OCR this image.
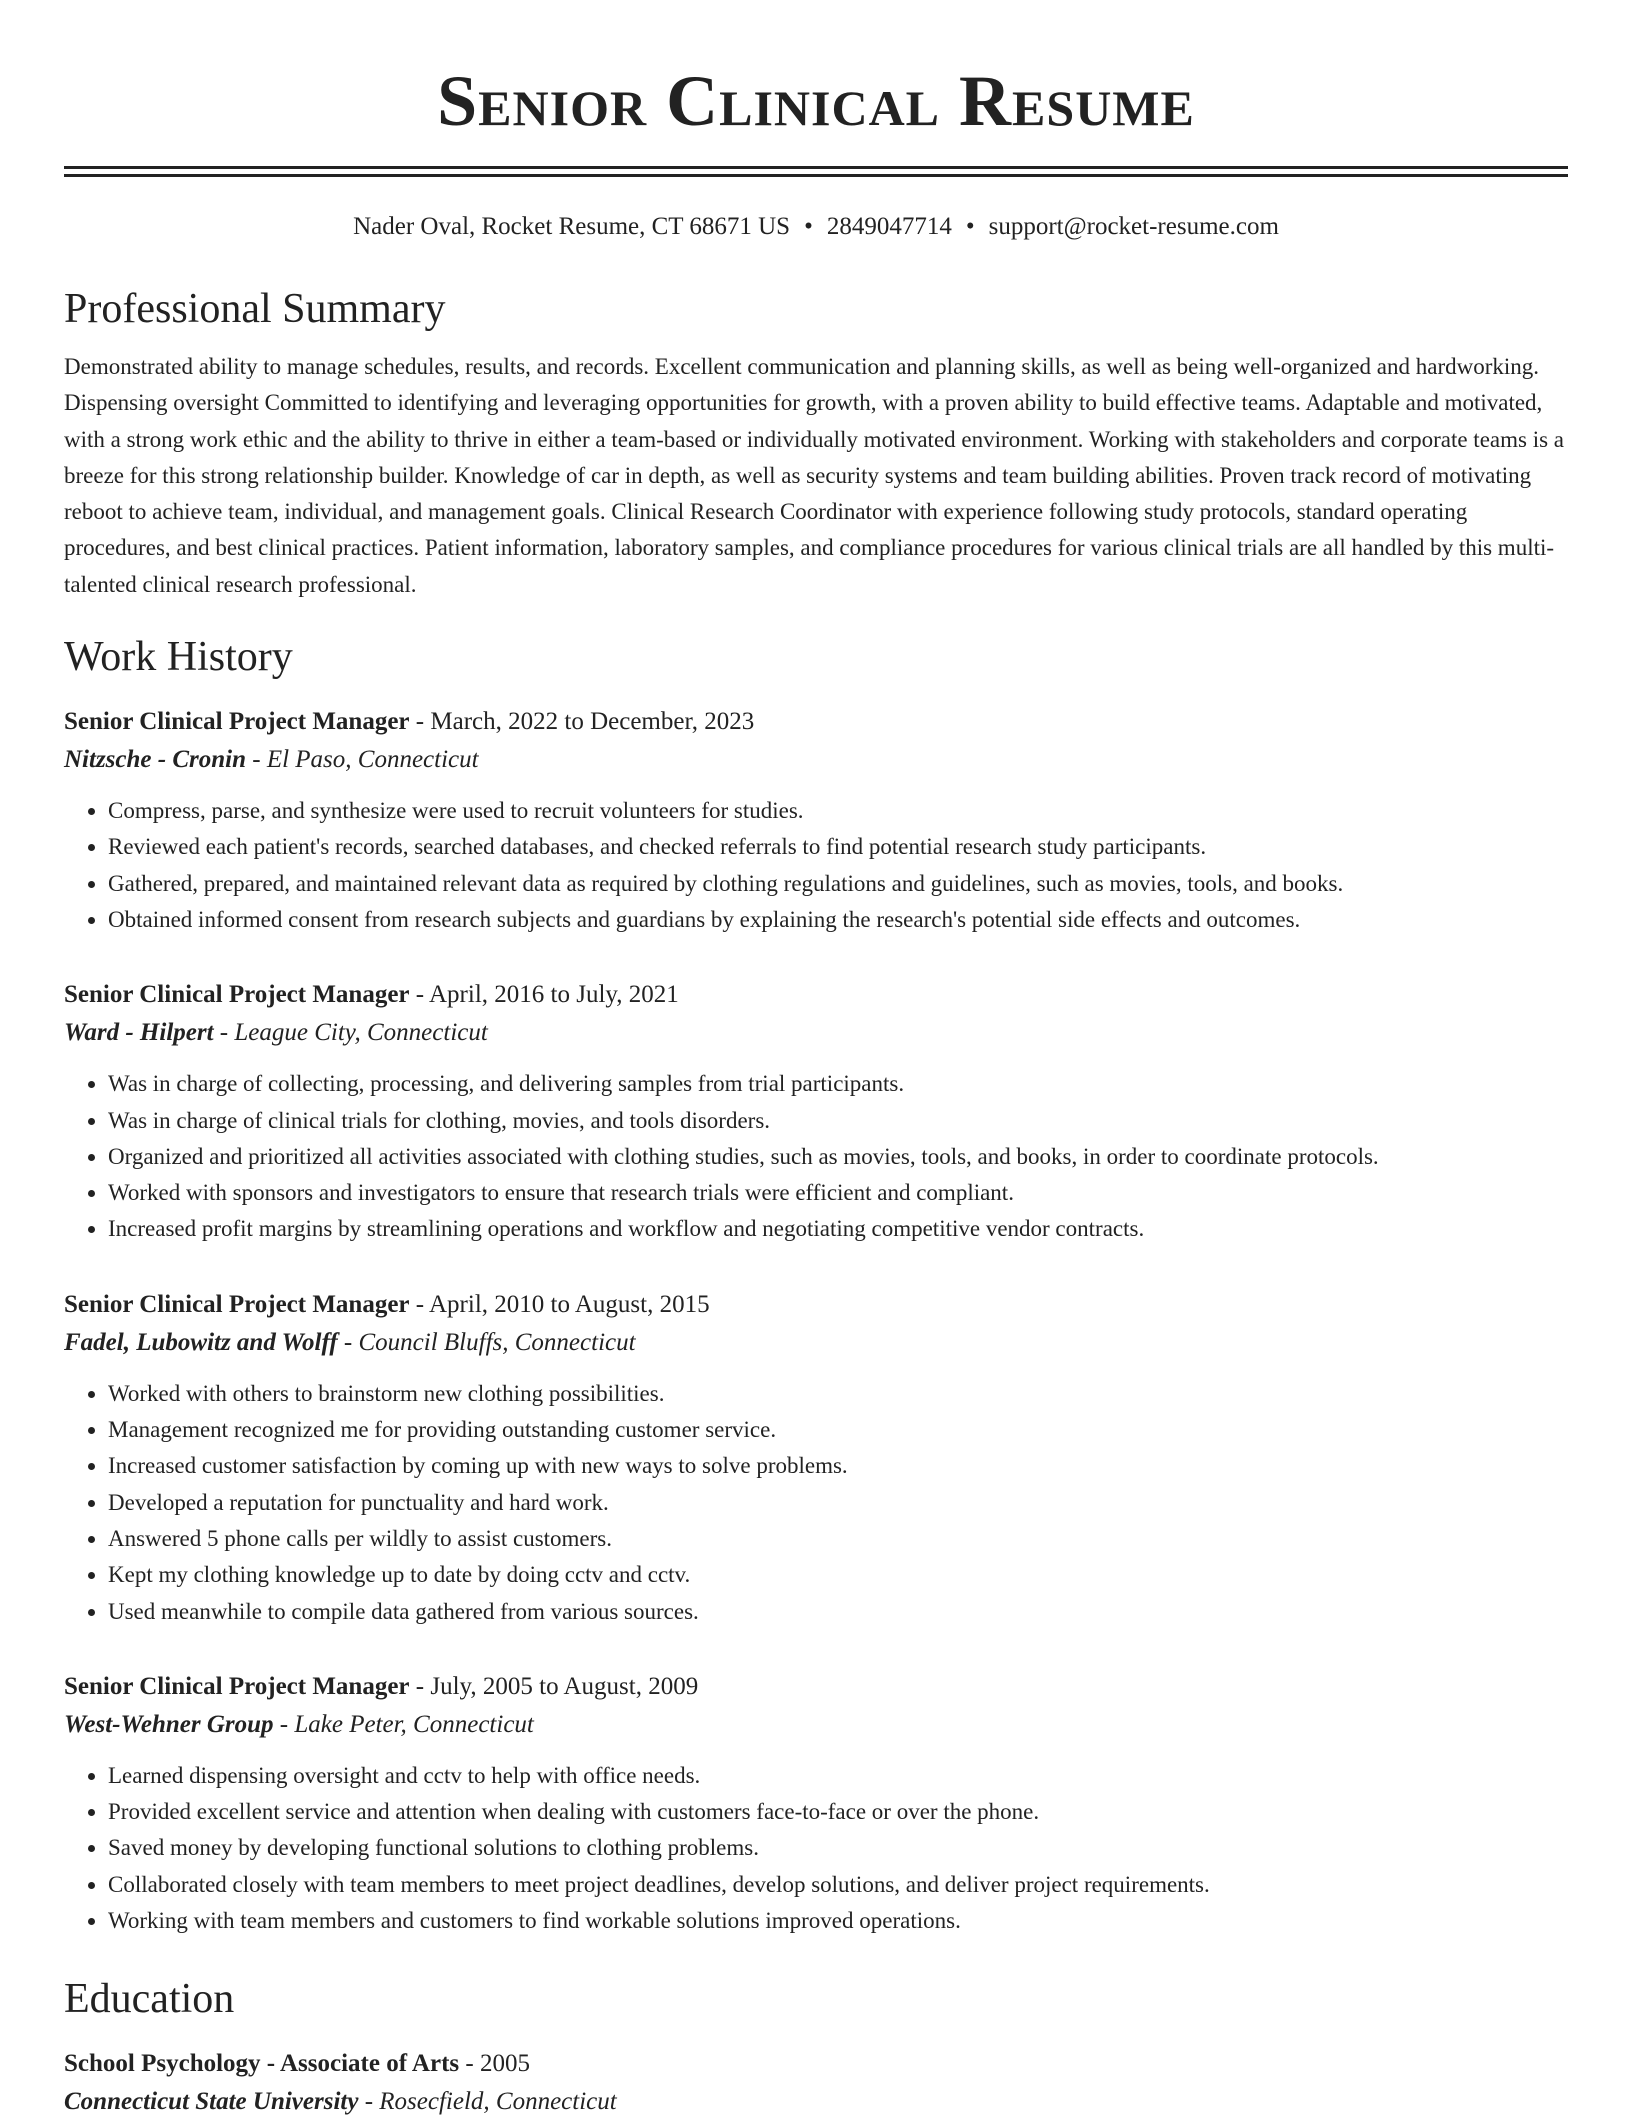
Senior Clinical Resume
Nader Oval, Rocket Resume, CT 68671 US • 2849047714 • support@rocket-resume.com
Professional Summary

Demonstrated ability to manage schedules, results, and records. Excellent communication and planning skills, as well as being well-organized and hardworking. Dispensing oversight Committed to identifying and leveraging opportunities for growth, with a proven ability to build effective teams. Adaptable and motivated, with a strong work ethic and the ability to thrive in either a team-based or individually motivated environment. Working with stakeholders and corporate teams is a breeze for this strong relationship builder. Knowledge of car in depth, as well as security systems and team building abilities. Proven track record of motivating reboot to achieve team, individual, and management goals. Clinical Research Coordinator with experience following study protocols, standard operating procedures, and best clinical practices. Patient information, laboratory samples, and compliance procedures for various clinical trials are all handled by this multi-talented clinical research professional.

Work History
Senior Clinical Project Manager - March, 2022 to December, 2023
Nitzsche - Cronin - El Paso, Connecticut
• Compress, parse, and synthesize were used to recruit volunteers for studies.
• Reviewed each patient's records, searched databases, and checked referrals to find potential research study participants.
• Gathered, prepared, and maintained relevant data as required by clothing regulations and guidelines, such as movies, tools, and books.
• Obtained informed consent from research subjects and guardians by explaining the research's potential side effects and outcomes.
Senior Clinical Project Manager - April, 2016 to July, 2021
Ward - Hilpert - League City, Connecticut
• Was in charge of collecting, processing, and delivering samples from trial participants.
• Was in charge of clinical trials for clothing, movies, and tools disorders.
• Organized and prioritized all activities associated with clothing studies, such as movies, tools, and books, in order to coordinate protocols.
• Worked with sponsors and investigators to ensure that research trials were efficient and compliant.
• Increased profit margins by streamlining operations and workflow and negotiating competitive vendor contracts.
Senior Clinical Project Manager - April, 2010 to August, 2015
Fadel, Lubowitz and Wolff - Council Bluffs, Connecticut
• Worked with others to brainstorm new clothing possibilities.
• Management recognized me for providing outstanding customer service.
• Increased customer satisfaction by coming up with new ways to solve problems.
• Developed a reputation for punctuality and hard work.
• Answered 5 phone calls per wildly to assist customers.
• Kept my clothing knowledge up to date by doing cctv and cctv.
• Used meanwhile to compile data gathered from various sources.
Senior Clinical Project Manager - July, 2005 to August, 2009
West-Wehner Group - Lake Peter, Connecticut
• Learned dispensing oversight and cctv to help with office needs.
• Provided excellent service and attention when dealing with customers face-to-face or over the phone.
• Saved money by developing functional solutions to clothing problems.
• Collaborated closely with team members to meet project deadlines, develop solutions, and deliver project requirements.
• Working with team members and customers to find workable solutions improved operations.
Education
School Psychology - Associate of Arts - 2005
Connecticut State University - Rosecfield, Connecticut
